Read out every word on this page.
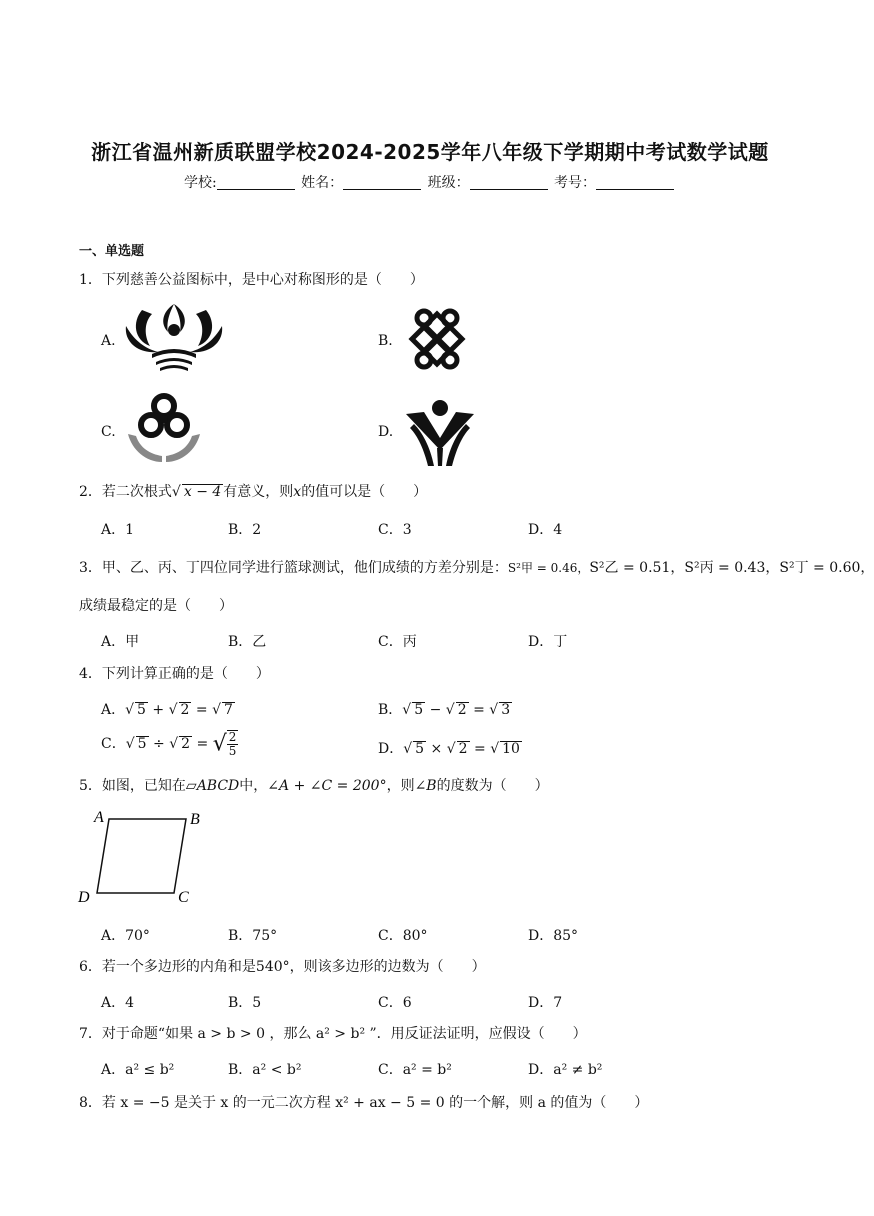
浙江省温州新质联盟学校2024-2025学年八年级下学期期中考试数学试题
学校:	姓名：	班级：	考号：
一、单选题
1．下列慈善公益图标中，是中心对称图形的是（　　）
A.	B.
C.	D.
2．若二次根式√ x − 4 有意义，则x的值可以是（　　）
A．1	B．2	C．3	D．4
3．甲、乙、丙、丁四位同学进行篮球测试，他们成绩的方差分别是：S²甲 = 0.46，S²乙 = 0.51，S²丙 = 0.43，S²丁 = 0.60，
成绩最稳定的是（　　）
A．甲	B．乙	C．丙	D．丁
4．下列计算正确的是（　　）
A．√ 5 + √ 2 = √ 7	B．√ 5 − √ 2 = √ 3
C．√ 5 ÷ √ 2 = √ $\frac{2}{5}$	D．√ 5 × √ 2 = √ 10
5．如图，已知在▱ABCD中，∠A + ∠C = 200°，则∠B的度数为（　　）
A	B
C
D
A．70°	B．75°	C．80°	D．85°
6．若一个多边形的内角和是540°，则该多边形的边数为（　　）
A．4	B．5	C．6	D．7
7．对于命题“如果 a > b > 0 ，那么 a² > b² ”．用反证法证明，应假设（　　）
A．a² ≤ b²	B．a² < b²	C．a² = b²	D．a² ≠ b²
8．若 x = −5 是关于 x 的一元二次方程 x² + ax − 5 = 0 的一个解，则 a 的值为（　　）
